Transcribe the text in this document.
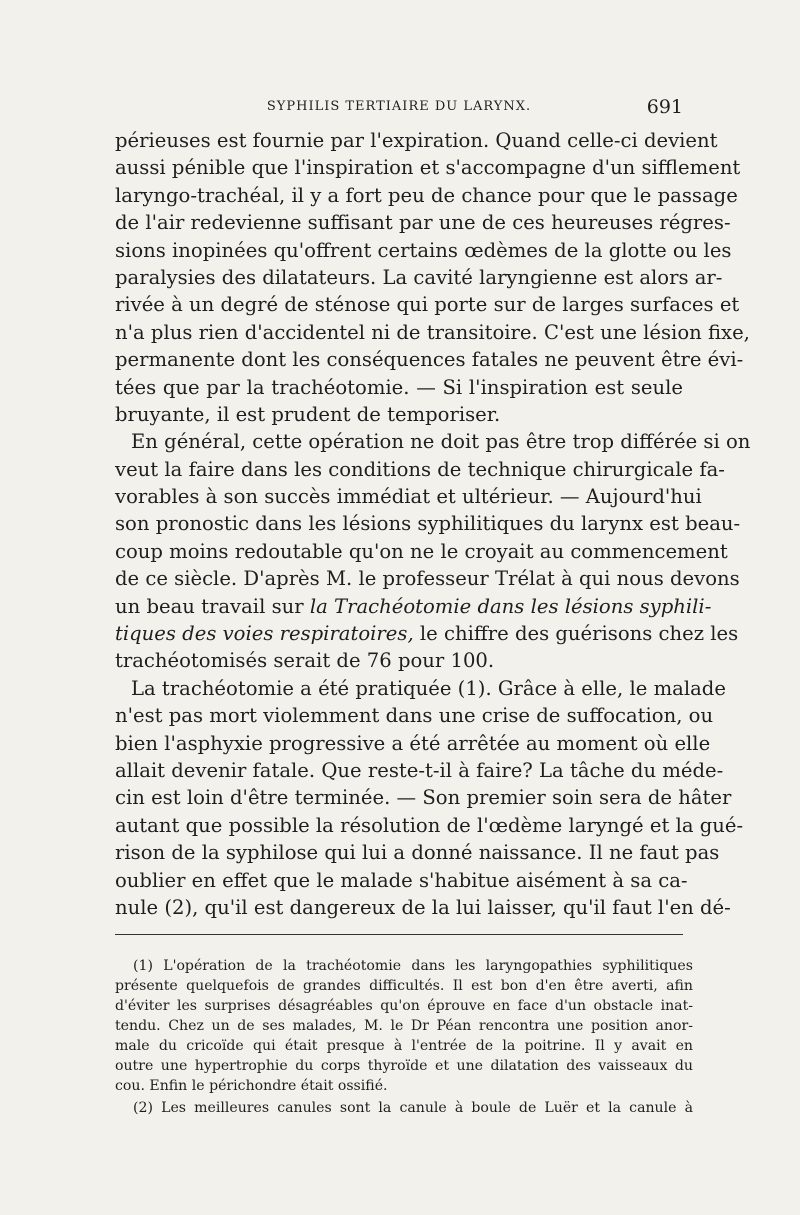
SYPHILIS TERTIAIRE DU LARYNX.	691
périeuses est fournie par l'expiration. Quand celle-ci devient
aussi pénible que l'inspiration et s'accompagne d'un sifflement
laryngo-trachéal, il y a fort peu de chance pour que le passage
de l'air redevienne suffisant par une de ces heureuses régres-
sions inopinées qu'offrent certains œdèmes de la glotte ou les
paralysies des dilatateurs. La cavité laryngienne est alors ar-
rivée à un degré de sténose qui porte sur de larges surfaces et
n'a plus rien d'accidentel ni de transitoire. C'est une lésion fixe,
permanente dont les conséquences fatales ne peuvent être évi-
tées que par la trachéotomie. — Si l'inspiration est seule
bruyante, il est prudent de temporiser.
En général, cette opération ne doit pas être trop différée si on
veut la faire dans les conditions de technique chirurgicale fa-
vorables à son succès immédiat et ultérieur. — Aujourd'hui
son pronostic dans les lésions syphilitiques du larynx est beau-
coup moins redoutable qu'on ne le croyait au commencement
de ce siècle. D'après M. le professeur Trélat à qui nous devons
un beau travail sur la Trachéotomie dans les lésions syphili-
tiques des voies respiratoires, le chiffre des guérisons chez les
trachéotomisés serait de 76 pour 100.
La trachéotomie a été pratiquée (1). Grâce à elle, le malade
n'est pas mort violemment dans une crise de suffocation, ou
bien l'asphyxie progressive a été arrêtée au moment où elle
allait devenir fatale. Que reste-t-il à faire? La tâche du méde-
cin est loin d'être terminée. — Son premier soin sera de hâter
autant que possible la résolution de l'œdème laryngé et la gué-
rison de la syphilose qui lui a donné naissance. Il ne faut pas
oublier en effet que le malade s'habitue aisément à sa ca-
nule (2), qu'il est dangereux de la lui laisser, qu'il faut l'en dé-
(1) L'opération de la trachéotomie dans les laryngopathies syphilitiques
présente quelquefois de grandes difficultés. Il est bon d'en être averti, afin
d'éviter les surprises désagréables qu'on éprouve en face d'un obstacle inat-
tendu. Chez un de ses malades, M. le Dr Péan rencontra une position anor-
male du cricoïde qui était presque à l'entrée de la poitrine. Il y avait en
outre une hypertrophie du corps thyroïde et une dilatation des vaisseaux du
cou. Enfin le périchondre était ossifié.
(2) Les meilleures canules sont la canule à boule de Luër et la canule à
